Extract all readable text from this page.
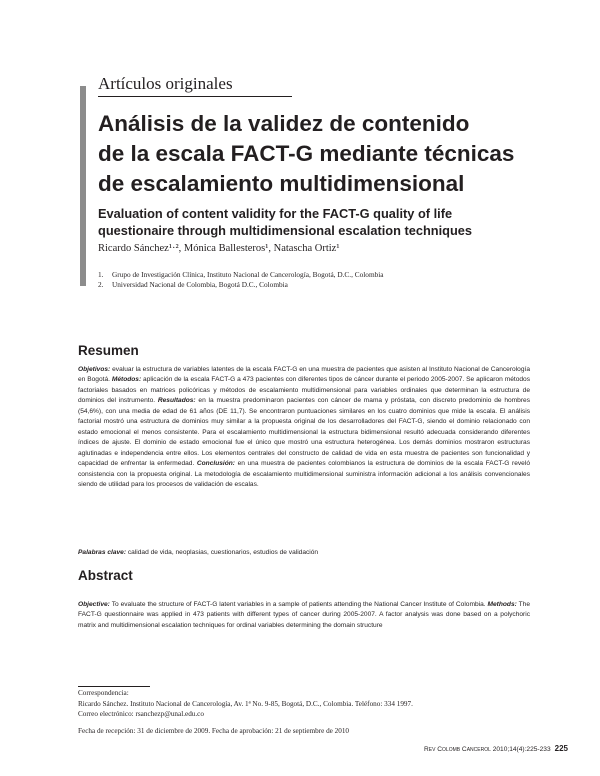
Artículos originales
Análisis de la validez de contenido
de la escala FACT-G mediante técnicas
de escalamiento multidimensional
Evaluation of content validity for the FACT-G quality of life
questionaire through multidimensional escalation techniques
Ricardo Sánchez¹·², Mónica Ballesteros¹, Natascha Ortiz¹
1. Grupo de Investigación Clínica, Instituto Nacional de Cancerología, Bogotá, D.C., Colombia
2. Universidad Nacional de Colombia, Bogotá D.C., Colombia
Resumen
Objetivos: evaluar la estructura de variables latentes de la escala FACT-G en una muestra de pacientes que asisten al Instituto Nacional de Cancerología en Bogotá. Métodos: aplicación de la escala FACT-G a 473 pacientes con diferentes tipos de cáncer durante el periodo 2005-2007. Se aplicaron métodos factoriales basados en matrices policóricas y métodos de escalamiento multidimensional para variables ordinales que determinan la estructura de dominios del instrumento. Resultados: en la muestra predominaron pacientes con cáncer de mama y próstata, con discreto predominio de hombres (54,6%), con una media de edad de 61 años (DE 11,7). Se encontraron puntuaciones similares en los cuatro dominios que mide la escala. El análisis factorial mostró una estructura de dominios muy similar a la propuesta original de los desarrolladores del FACT-G, siendo el dominio relacionado con estado emocional el menos consistente. Para el escalamiento multidimensional la estructura bidimensional resultó adecuada considerando diferentes índices de ajuste. El dominio de estado emocional fue el único que mostró una estructura heterogénea. Los demás dominios mostraron estructuras aglutinadas e independencia entre ellos. Los elementos centrales del constructo de calidad de vida en esta muestra de pacientes son funcionalidad y capacidad de enfrentar la enfermedad. Conclusión: en una muestra de pacientes colombianos la estructura de dominios de la escala FACT-G reveló consistencia con la propuesta original. La metodología de escalamiento multidimensional suministra información adicional a los análisis convencionales siendo de utilidad para los procesos de validación de escalas.
Palabras clave: calidad de vida, neoplasias, cuestionarios, estudios de validación
Abstract
Objective: To evaluate the structure of FACT-G latent variables in a sample of patients attending the National Cancer Institute of Colombia. Methods: The FACT-G questionnaire was applied in 473 patients with different types of cancer during 2005-2007. A factor analysis was done based on a polychoric matrix and multidimensional escalation techniques for ordinal variables determining the domain structure
Correspondencia:
Ricardo Sánchez. Instituto Nacional de Cancerología, Av. 1ª No. 9-85, Bogotá, D.C., Colombia. Teléfono: 334 1997.
Correo electrónico: rsanchezp@unal.edu.co
Fecha de recepción: 31 de diciembre de 2009. Fecha de aprobación: 21 de septiembre de 2010
Rev Colomb Cancerol 2010;14(4):225-233 225
